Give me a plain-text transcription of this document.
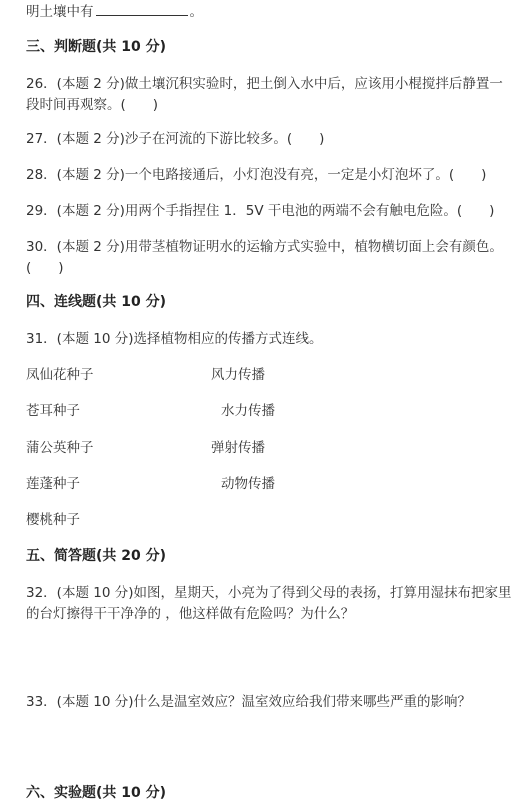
明土壤中有	。
三、判断题(共 10 分)
26．(本题 2 分)做土壤沉积实验时，把土倒入水中后，应该用小棍搅拌后静置一段时间再观察。(　　)
27．(本题 2 分)沙子在河流的下游比较多。(　　)
28．(本题 2 分)一个电路接通后，小灯泡没有亮，一定是小灯泡坏了。(　　)
29．(本题 2 分)用两个手指捏住 1．5V 干电池的两端不会有触电危险。(　　)
30．(本题 2 分)用带茎植物证明水的运输方式实验中，植物横切面上会有颜色。(　　)
四、连线题(共 10 分)
31．(本题 10 分)选择植物相应的传播方式连线。
凤仙花种子	风力传播
苍耳种子	水力传播
蒲公英种子	弹射传播
莲蓬种子	动物传播
樱桃种子
五、简答题(共 20 分)
32．(本题 10 分)如图，星期天，小亮为了得到父母的表扬，打算用湿抹布把家里的台灯擦得干干净净的 ，他这样做有危险吗？为什么？
33．(本题 10 分)什么是温室效应？温室效应给我们带来哪些严重的影响？
六、实验题(共 10 分)
